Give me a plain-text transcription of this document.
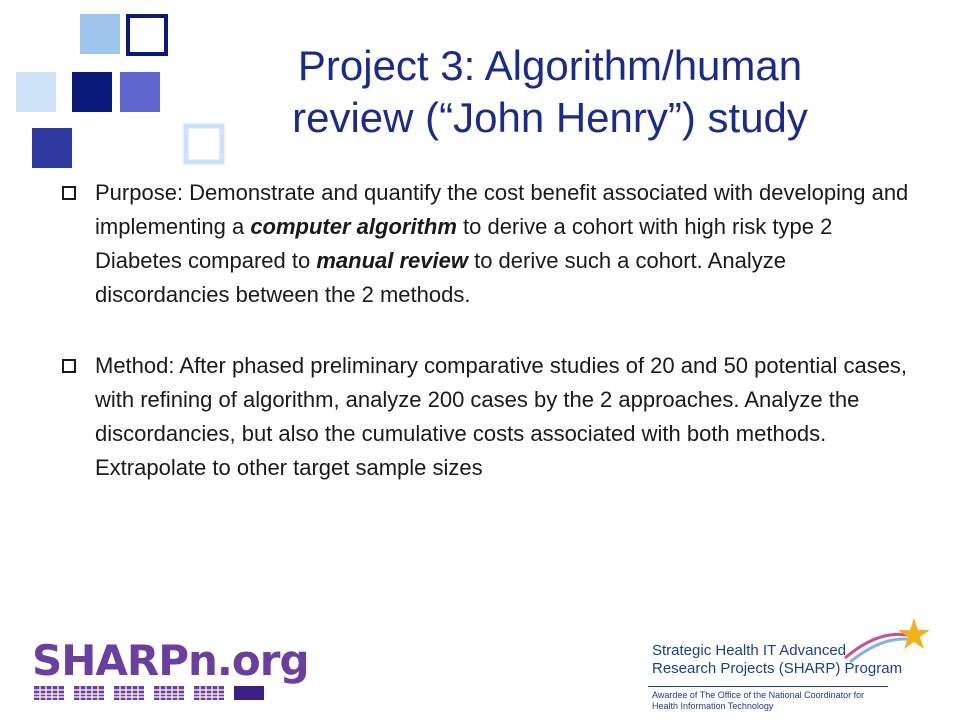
Project 3: Algorithm/human
review (“John Henry”) study
Purpose: Demonstrate and quantify the cost benefit associated with developing and implementing a computer algorithm to derive a cohort with high risk type 2 Diabetes compared to manual review to derive such a cohort. Analyze discordancies between the 2 methods.
Method: After phased preliminary comparative studies of 20 and 50 potential cases, with refining of algorithm, analyze 200 cases by the 2 approaches. Analyze the discordancies, but also the cumulative costs associated with both methods. Extrapolate to other target sample sizes
SHARPn.org	Strategic Health IT Advanced
Research Projects (SHARP) Program
Awardee of The Office of the National Coordinator for
Health Information Technology
